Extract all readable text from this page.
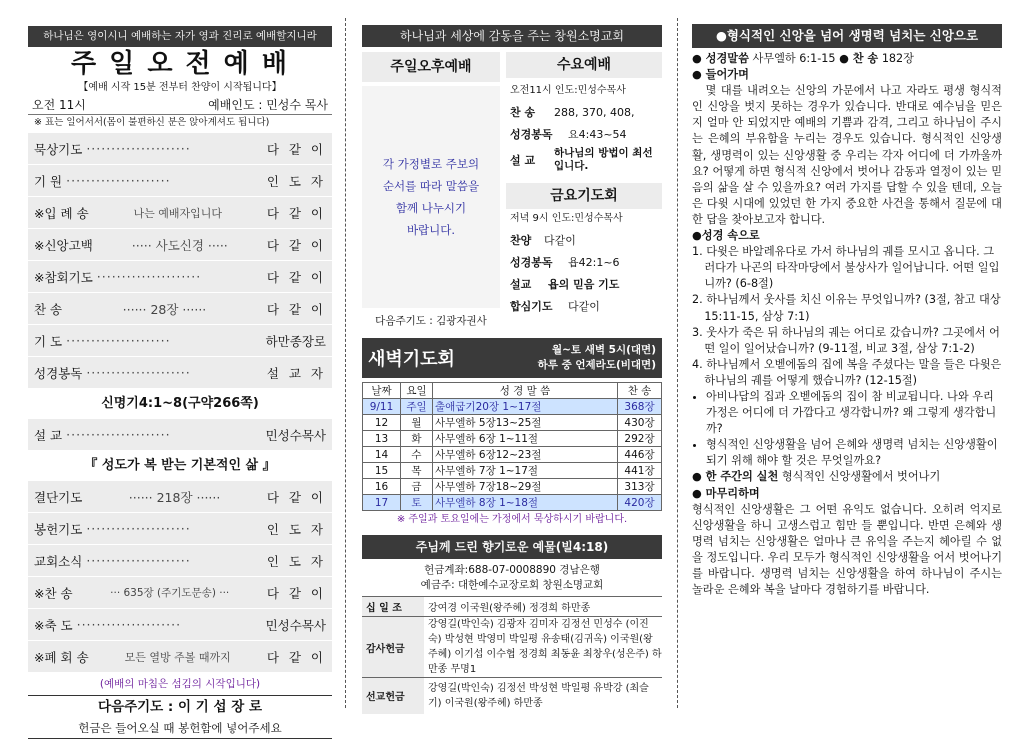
하나님은 영이시니 예배하는 자가 영과 진리로 예배할지니라
주 일 오 전 예 배
【예배 시작 15분 전부터 찬양이 시작됩니다】
오전 11시	예배인도 : 민성수 목사
※ 표는 일어서서(몸이 불편하신 분은 앉아계셔도 됩니다)
묵상기도 ·····················	다 같 이
기 원 ·····················	인 도 자
※입 례 송	나는 예배자입니다	다 같 이
※신앙고백	····· 사도신경 ·····	다 같 이
※참회기도 ·····················	다 같 이
찬 송	······ 28장 ······	다 같 이
기 도 ·····················	하만종장로
성경봉독 ·····················	설 교 자
신명기4:1~8(구약266쪽)
설 교 ·····················	민성수목사
『 성도가 복 받는 기본적인 삶 』
결단기도	······ 218장 ······	다 같 이
봉헌기도 ·····················	인 도 자
교회소식 ·····················	인 도 자
※찬 송	··· 635장 (주기도문송) ···	다 같 이
※축 도 ·····················	민성수목사
※폐 회 송	모든 열방 주볼 때까지	다 같 이
(예배의 마침은 섬김의 시작입니다)
다음주기도 : 이 기 섭 장 로
헌금은 들어오실 때 봉헌함에 넣어주세요
하나님과 세상에 감동을 주는 창원소명교회
주일오후예배
각 가정별로 주보의
순서를 따라 말씀을
함께 나누시기
바랍니다.
다음주기도 : 김광자권사
수요예배
오전11시 인도:민성수목사
찬 송	288, 370, 408,
성경봉독	요4:43~54
설 교
하나님의 방법이 최선입니다.
금요기도회
저녁 9시 인도:민성수목사
찬양	다같이
성경봉독	욥42:1~6
설교	욥의 믿음 기도
합심기도	다같이
새벽기도회	월~토 새벽 5시(대면)
하루 중 언제라도(비대면)
날짜	요일	성 경 말 씀	찬 송
9/11	주일	출애굽기20장 1~17절	368장
12	월	사무엘하 5장13~25절	430장
13	화	사무엘하 6장 1~11절	292장
14	수	사무엘하 6장12~23절	446장
15	목	사무엘하 7장 1~17절	441장
16	금	사무엘하 7장18~29절	313장
17	토	사무엘하 8장 1~18절	420장
※ 주일과 토요일에는 가정에서 묵상하시기 바랍니다.
주님께 드린 향기로운 예물(빌4:18)
헌금계좌:688-07-0008890 경남은행
예금주: 대한예수교장로회 창원소명교회
십 일 조	강여경 이국원(왕주혜) 정경희 하만종
감사헌금	강영길(박인숙) 김광자 김미자 김정선 민성수 (이진숙) 박성현 박영미 박일평 유송태(김귀옥) 이국원(왕주혜) 이기섭 이수협 정경희 최동윤 최창우(성은주) 하만종 무명1
선교헌금	강영길(박인숙) 김정선 박성현 박일평 유박강 (최슬기) 이국원(왕주혜) 하만종
●형식적인 신앙을 넘어 생명력 넘치는 신앙으로
● 성경말씀 사무엘하 6:1-15 ● 찬 송 182장
● 들어가며
몇 대를 내려오는 신앙의 가문에서 나고 자라도 평생 형식적인 신앙을 벗지 못하는 경우가 있습니다. 반대로 예수님을 믿은 지 얼마 안 되었지만 예배의 기쁨과 감격, 그리고 하나님이 주시는 은혜의 부유함을 누리는 경우도 있습니다. 형식적인 신앙생활, 생명력이 있는 신앙생활 중 우리는 각자 어디에 더 가까울까요? 어떻게 하면 형식적 신앙에서 벗어나 감동과 열정이 있는 믿음의 삶을 살 수 있을까요? 여러 가지를 답할 수 있을 텐데, 오늘은 다윗 시대에 있었던 한 가지 중요한 사건을 통해서 질문에 대한 답을 찾아보고자 합니다.
●성경 속으로
1. 다윗은 바알레유다로 가서 하나님의 궤를 모시고 옵니다. 그러다가 나곤의 타작마당에서 불상사가 일어납니다. 어떤 일입니까? (6-8절)
2. 하나님께서 웃사를 치신 이유는 무엇입니까? (3절, 참고 대상 15:11-15, 삼상 7:1)
3. 웃사가 죽은 뒤 하나님의 궤는 어디로 갔습니까? 그곳에서 어떤 일이 일어났습니까? (9-11절, 비교 3절, 삼상 7:1-2)
4. 하나님께서 오벧에돔의 집에 복을 주셨다는 말을 들은 다윗은 하나님의 궤를 어떻게 했습니까? (12-15절)
• 아비나답의 집과 오벧에돔의 집이 참 비교됩니다. 나와 우리 가정은 어디에 더 가깝다고 생각합니까? 왜 그렇게 생각합니까?
• 형식적인 신앙생활을 넘어 은혜와 생명력 넘치는 신앙생활이 되기 위해 해야 할 것은 무엇일까요?
● 한 주간의 실천 형식적인 신앙생활에서 벗어나기
● 마무리하며
형식적인 신앙생활은 그 어떤 유익도 없습니다. 오히려 억지로 신앙생활을 하니 고생스럽고 힘만 들 뿐입니다. 반면 은혜와 생명력 넘치는 신앙생활은 얼마나 큰 유익을 주는지 헤아릴 수 없을 정도입니다. 우리 모두가 형식적인 신앙생활을 어서 벗어나기를 바랍니다. 생명력 넘치는 신앙생활을 하여 하나님이 주시는 놀라운 은혜와 복을 날마다 경험하기를 바랍니다.
